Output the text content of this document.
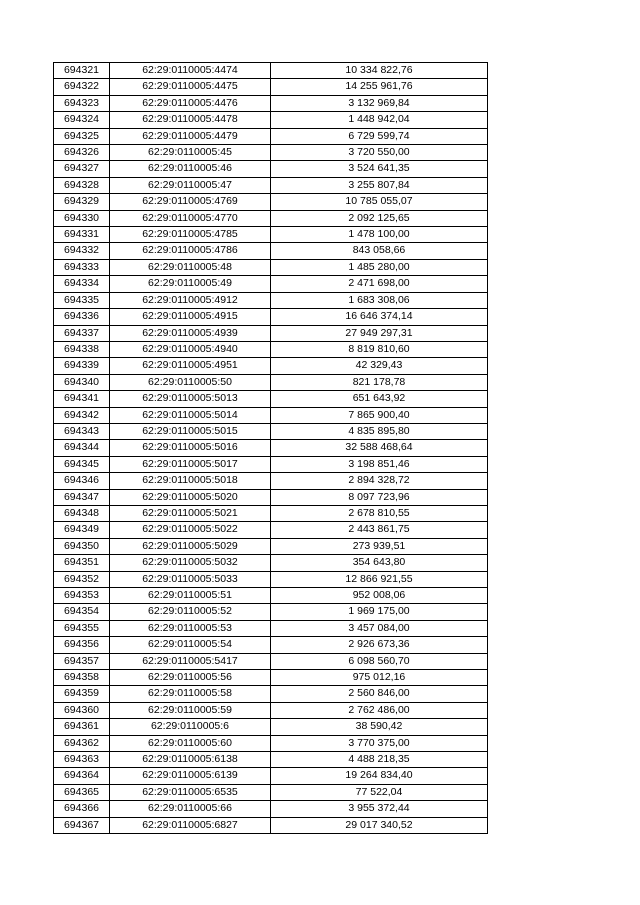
694321	62:29:0110005:4474	10 334 822,76
694322	62:29:0110005:4475	14 255 961,76
694323	62:29:0110005:4476	3 132 969,84
694324	62:29:0110005:4478	1 448 942,04
694325	62:29:0110005:4479	6 729 599,74
694326	62:29:0110005:45	3 720 550,00
694327	62:29:0110005:46	3 524 641,35
694328	62:29:0110005:47	3 255 807,84
694329	62:29:0110005:4769	10 785 055,07
694330	62:29:0110005:4770	2 092 125,65
694331	62:29:0110005:4785	1 478 100,00
694332	62:29:0110005:4786	843 058,66
694333	62:29:0110005:48	1 485 280,00
694334	62:29:0110005:49	2 471 698,00
694335	62:29:0110005:4912	1 683 308,06
694336	62:29:0110005:4915	16 646 374,14
694337	62:29:0110005:4939	27 949 297,31
694338	62:29:0110005:4940	8 819 810,60
694339	62:29:0110005:4951	42 329,43
694340	62:29:0110005:50	821 178,78
694341	62:29:0110005:5013	651 643,92
694342	62:29:0110005:5014	7 865 900,40
694343	62:29:0110005:5015	4 835 895,80
694344	62:29:0110005:5016	32 588 468,64
694345	62:29:0110005:5017	3 198 851,46
694346	62:29:0110005:5018	2 894 328,72
694347	62:29:0110005:5020	8 097 723,96
694348	62:29:0110005:5021	2 678 810,55
694349	62:29:0110005:5022	2 443 861,75
694350	62:29:0110005:5029	273 939,51
694351	62:29:0110005:5032	354 643,80
694352	62:29:0110005:5033	12 866 921,55
694353	62:29:0110005:51	952 008,06
694354	62:29:0110005:52	1 969 175,00
694355	62:29:0110005:53	3 457 084,00
694356	62:29:0110005:54	2 926 673,36
694357	62:29:0110005:5417	6 098 560,70
694358	62:29:0110005:56	975 012,16
694359	62:29:0110005:58	2 560 846,00
694360	62:29:0110005:59	2 762 486,00
694361	62:29:0110005:6	38 590,42
694362	62:29:0110005:60	3 770 375,00
694363	62:29:0110005:6138	4 488 218,35
694364	62:29:0110005:6139	19 264 834,40
694365	62:29:0110005:6535	77 522,04
694366	62:29:0110005:66	3 955 372,44
694367	62:29:0110005:6827	29 017 340,52
